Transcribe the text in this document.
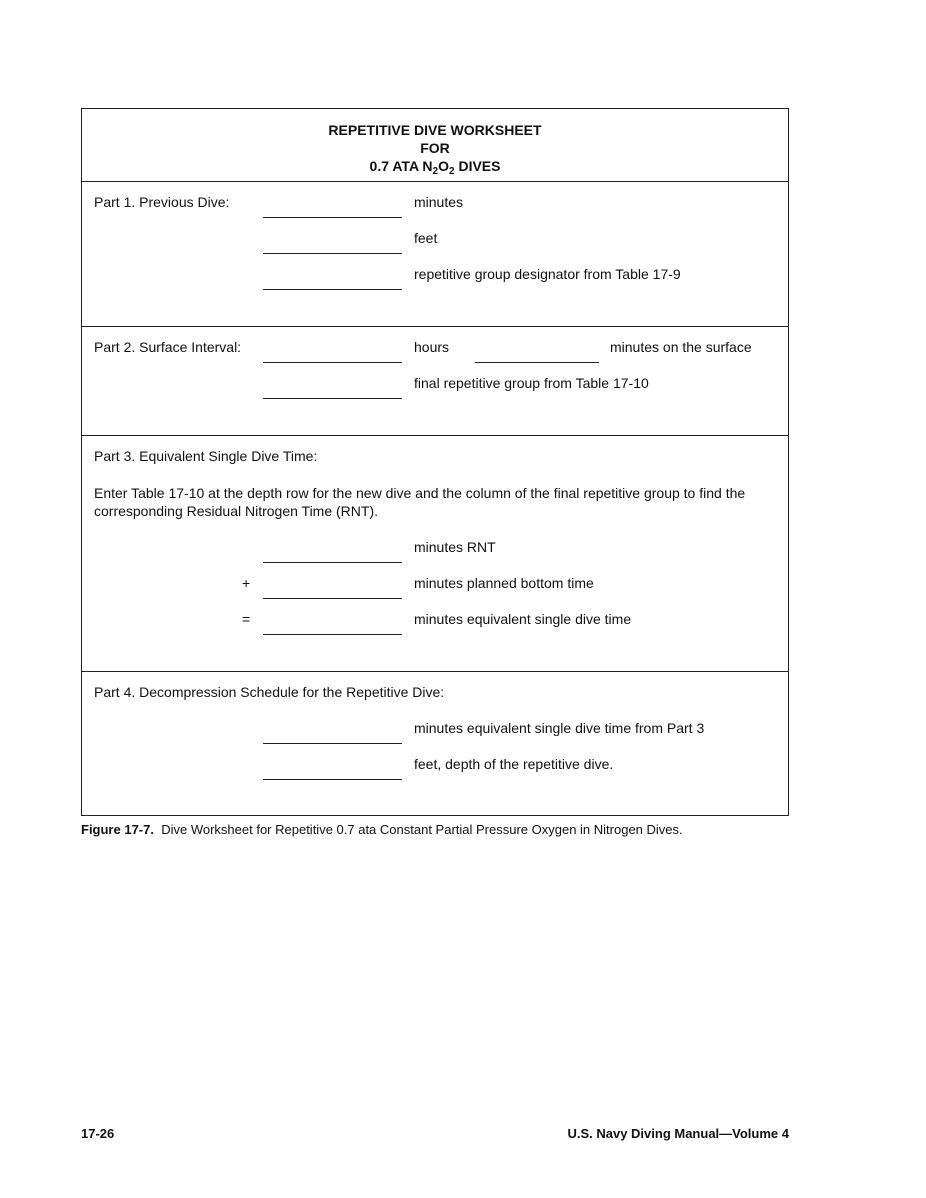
REPETITIVE DIVE WORKSHEET
FOR
0.7 ATA $N_2O_2$ DIVES
Part 1. Previous Dive:	minutes
feet
repetitive group designator from Table 17-9
Part 2. Surface Interval:	hours	minutes on the surface
final repetitive group from Table 17-10
Part 3. Equivalent Single Dive Time:
Enter Table 17-10 at the depth row for the new dive and the column of the final repetitive group to find the corresponding Residual Nitrogen Time (RNT).
minutes RNT
+	minutes planned bottom time
=	minutes equivalent single dive time
Part 4. Decompression Schedule for the Repetitive Dive:
minutes equivalent single dive time from Part 3
feet, depth of the repetitive dive.
Figure 17-7. Dive Worksheet for Repetitive 0.7 ata Constant Partial Pressure Oxygen in Nitrogen Dives.
17-26	U.S. Navy Diving Manual—Volume 4
